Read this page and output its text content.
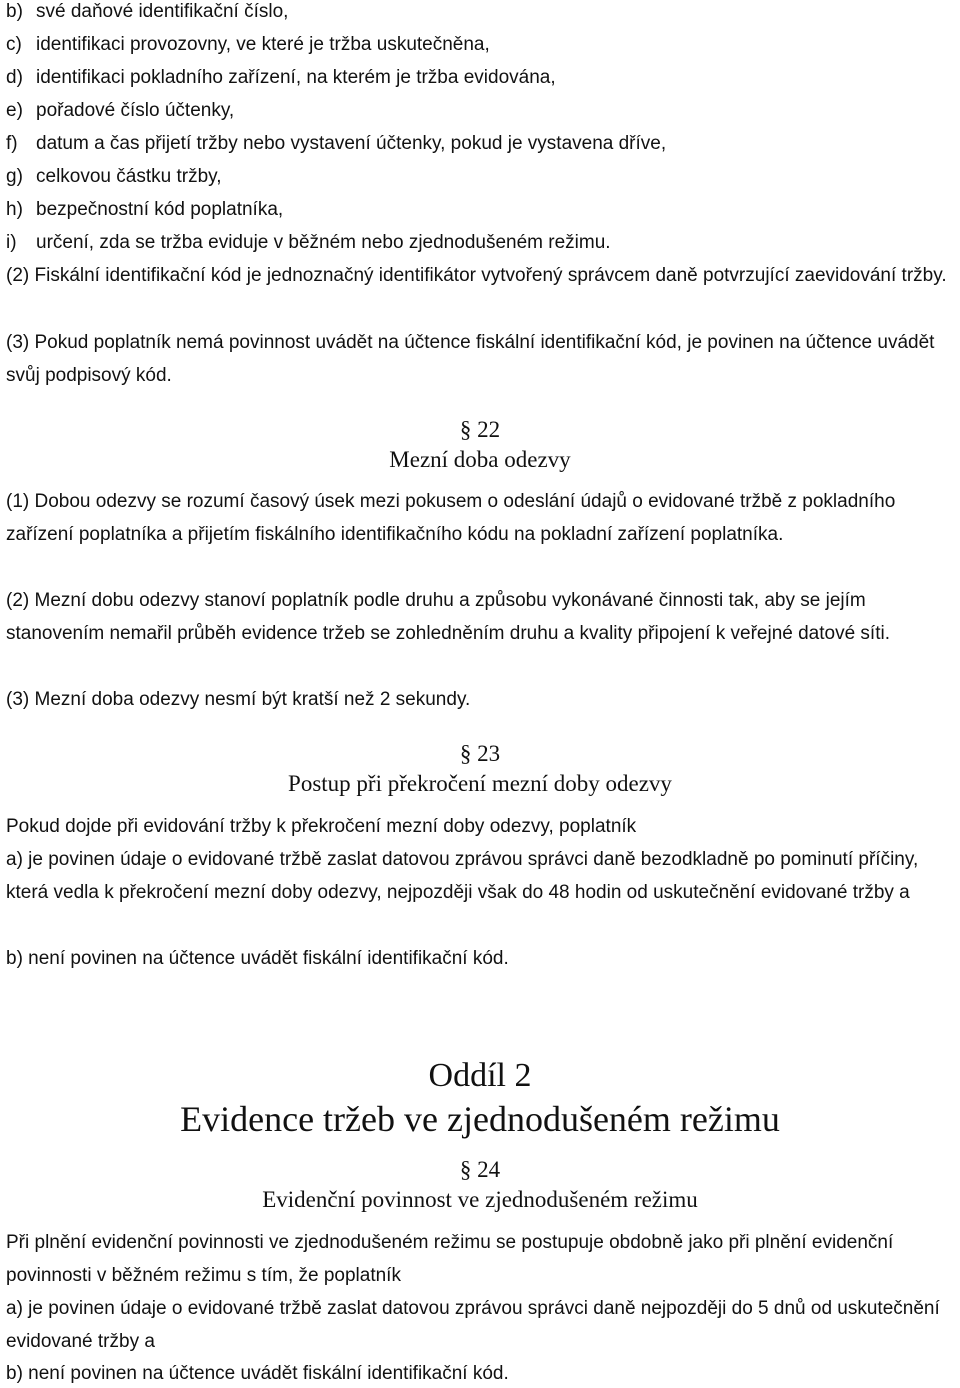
b) své daňové identifikační číslo,
c) identifikaci provozovny, ve které je tržba uskutečněna,
d) identifikaci pokladního zařízení, na kterém je tržba evidována,
e) pořadové číslo účtenky,
f) datum a čas přijetí tržby nebo vystavení účtenky, pokud je vystavena dříve,
g) celkovou částku tržby,
h) bezpečnostní kód poplatníka,
i) určení, zda se tržba eviduje v běžném nebo zjednodušeném režimu.
(2) Fiskální identifikační kód je jednoznačný identifikátor vytvořený správcem daně potvrzující zaevidování tržby.
(3) Pokud poplatník nemá povinnost uvádět na účtence fiskální identifikační kód, je povinen na účtence uvádět svůj podpisový kód.
§ 22
Mezní doba odezvy
(1) Dobou odezvy se rozumí časový úsek mezi pokusem o odeslání údajů o evidované tržbě z pokladního zařízení poplatníka a přijetím fiskálního identifikačního kódu na pokladní zařízení poplatníka.
(2) Mezní dobu odezvy stanoví poplatník podle druhu a způsobu vykonávané činnosti tak, aby se jejím stanovením nemařil průběh evidence tržeb se zohledněním druhu a kvality připojení k veřejné datové síti.
(3) Mezní doba odezvy nesmí být kratší než 2 sekundy.
§ 23
Postup při překročení mezní doby odezvy
Pokud dojde při evidování tržby k překročení mezní doby odezvy, poplatník
a) je povinen údaje o evidované tržbě zaslat datovou zprávou správci daně bezodkladně po pominutí příčiny, která vedla k překročení mezní doby odezvy, nejpozději však do 48 hodin od uskutečnění evidované tržby a
b) není povinen na účtence uvádět fiskální identifikační kód.
Oddíl 2
Evidence tržeb ve zjednodušeném režimu
§ 24
Evidenční povinnost ve zjednodušeném režimu
Při plnění evidenční povinnosti ve zjednodušeném režimu se postupuje obdobně jako při plnění evidenční povinnosti v běžném režimu s tím, že poplatník
a) je povinen údaje o evidované tržbě zaslat datovou zprávou správci daně nejpozději do 5 dnů od uskutečnění evidované tržby a
b) není povinen na účtence uvádět fiskální identifikační kód.
